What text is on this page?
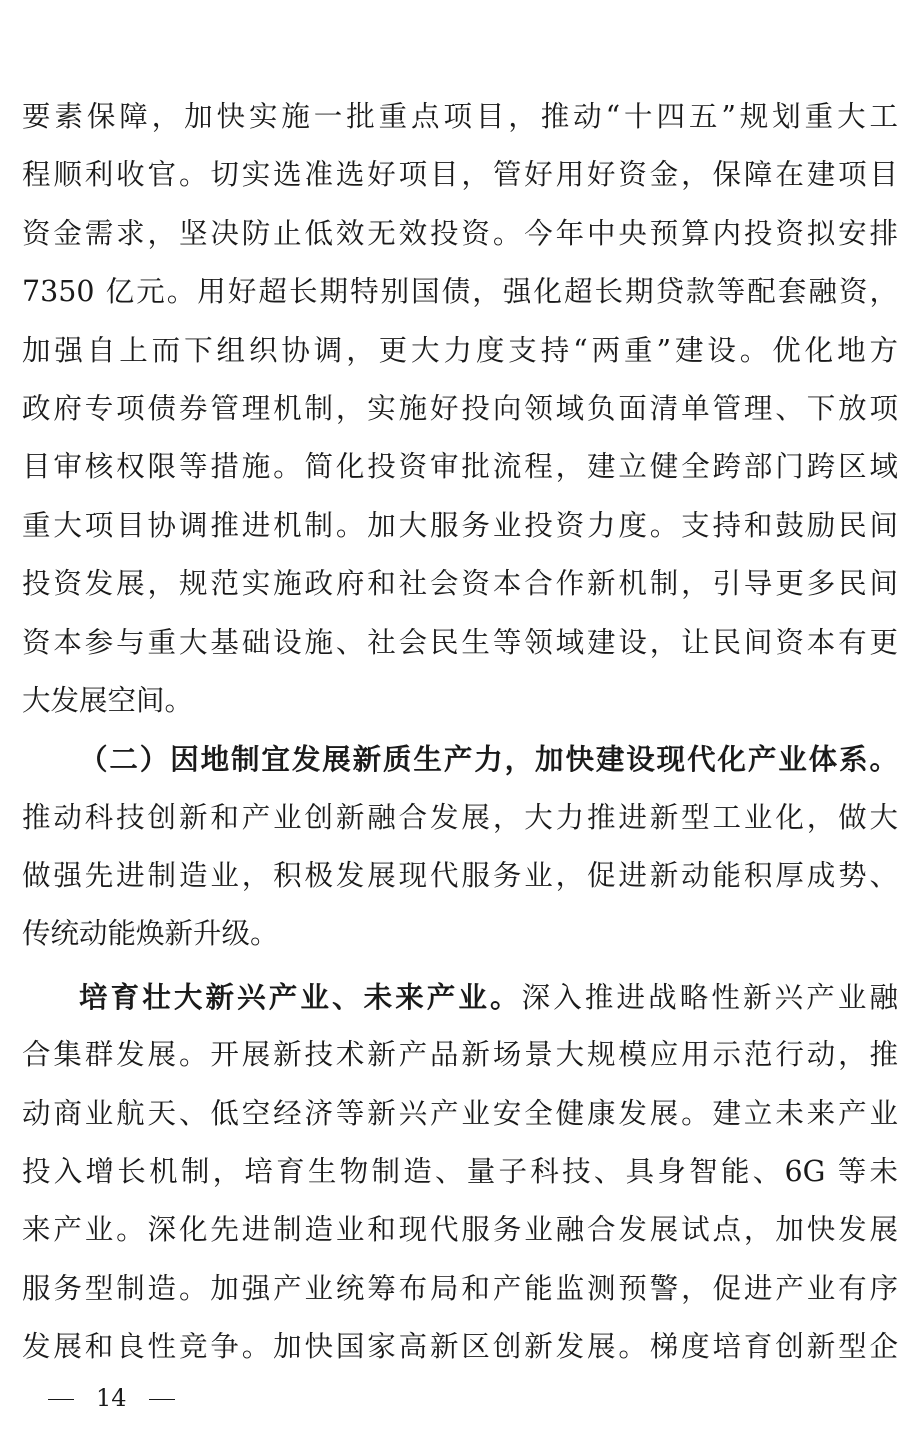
要素保障，加快实施一批重点项目，推动“十四五”规划重大工
程顺利收官。切实选准选好项目，管好用好资金，保障在建项目
资金需求，坚决防止低效无效投资。今年中央预算内投资拟安排
7350 亿元。用好超长期特别国债，强化超长期贷款等配套融资，
加强自上而下组织协调，更大力度支持“两重”建设。优化地方
政府专项债券管理机制，实施好投向领域负面清单管理、下放项
目审核权限等措施。简化投资审批流程，建立健全跨部门跨区域
重大项目协调推进机制。加大服务业投资力度。支持和鼓励民间
投资发展，规范实施政府和社会资本合作新机制，引导更多民间
资本参与重大基础设施、社会民生等领域建设，让民间资本有更
大发展空间。
（二）因地制宜发展新质生产力，加快建设现代化产业体系。
推动科技创新和产业创新融合发展，大力推进新型工业化，做大
做强先进制造业，积极发展现代服务业，促进新动能积厚成势、
传统动能焕新升级。
培育壮大新兴产业、未来产业。深入推进战略性新兴产业融
合集群发展。开展新技术新产品新场景大规模应用示范行动，推
动商业航天、低空经济等新兴产业安全健康发展。建立未来产业
投入增长机制，培育生物制造、量子科技、具身智能、6G 等未
来产业。深化先进制造业和现代服务业融合发展试点，加快发展
服务型制造。加强产业统筹布局和产能监测预警，促进产业有序
发展和良性竞争。加快国家高新区创新发展。梯度培育创新型企
14
